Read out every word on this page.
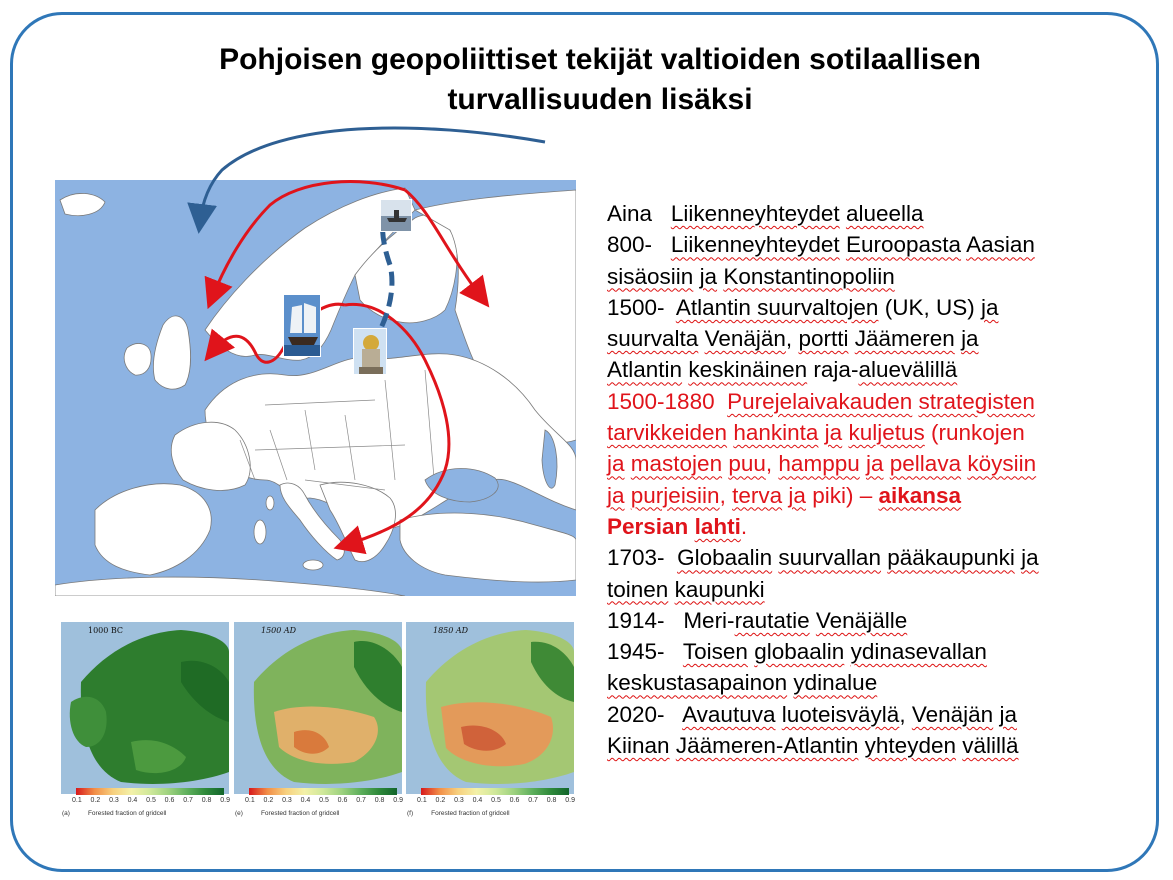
Pohjoisen geopoliittiset tekijät valtioiden sotilaallisen
turvallisuuden lisäksi
1000 BC
0.1 0.2 0.3 0.4 0.5 0.6 0.7 0.8 0.9
(a)	Forested fraction of gridcell
1500 AD
0.1 0.2 0.3 0.4 0.5 0.6 0.7 0.8 0.9
(e)	Forested fraction of gridcell
1850 AD
0.1 0.2 0.3 0.4 0.5 0.6 0.7 0.8 0.9
(f)	Forested fraction of gridcell
Aina Liikenneyhteydet alueella
800- Liikenneyhteydet Euroopasta Aasian
sisäosiin ja Konstantinopoliin
1500- Atlantin suurvaltojen (UK, US) ja
suurvalta Venäjän, portti Jäämeren ja
Atlantin keskinäinen raja-aluevälillä
1500-1880 Purejelaivakauden strategisten
tarvikkeiden hankinta ja kuljetus (runkojen
ja mastojen puu, hamppu ja pellava köysiin
ja purjeisiin, terva ja piki) – aikansa
Persian lahti.
1703- Globaalin suurvallan pääkaupunki ja
toinen kaupunki
1914- Meri-rautatie Venäjälle
1945- Toisen globaalin ydinasevallan
keskustasapainon ydinalue
2020- Avautuva luoteisväylä, Venäjän ja
Kiinan Jäämeren-Atlantin yhteyden välillä
